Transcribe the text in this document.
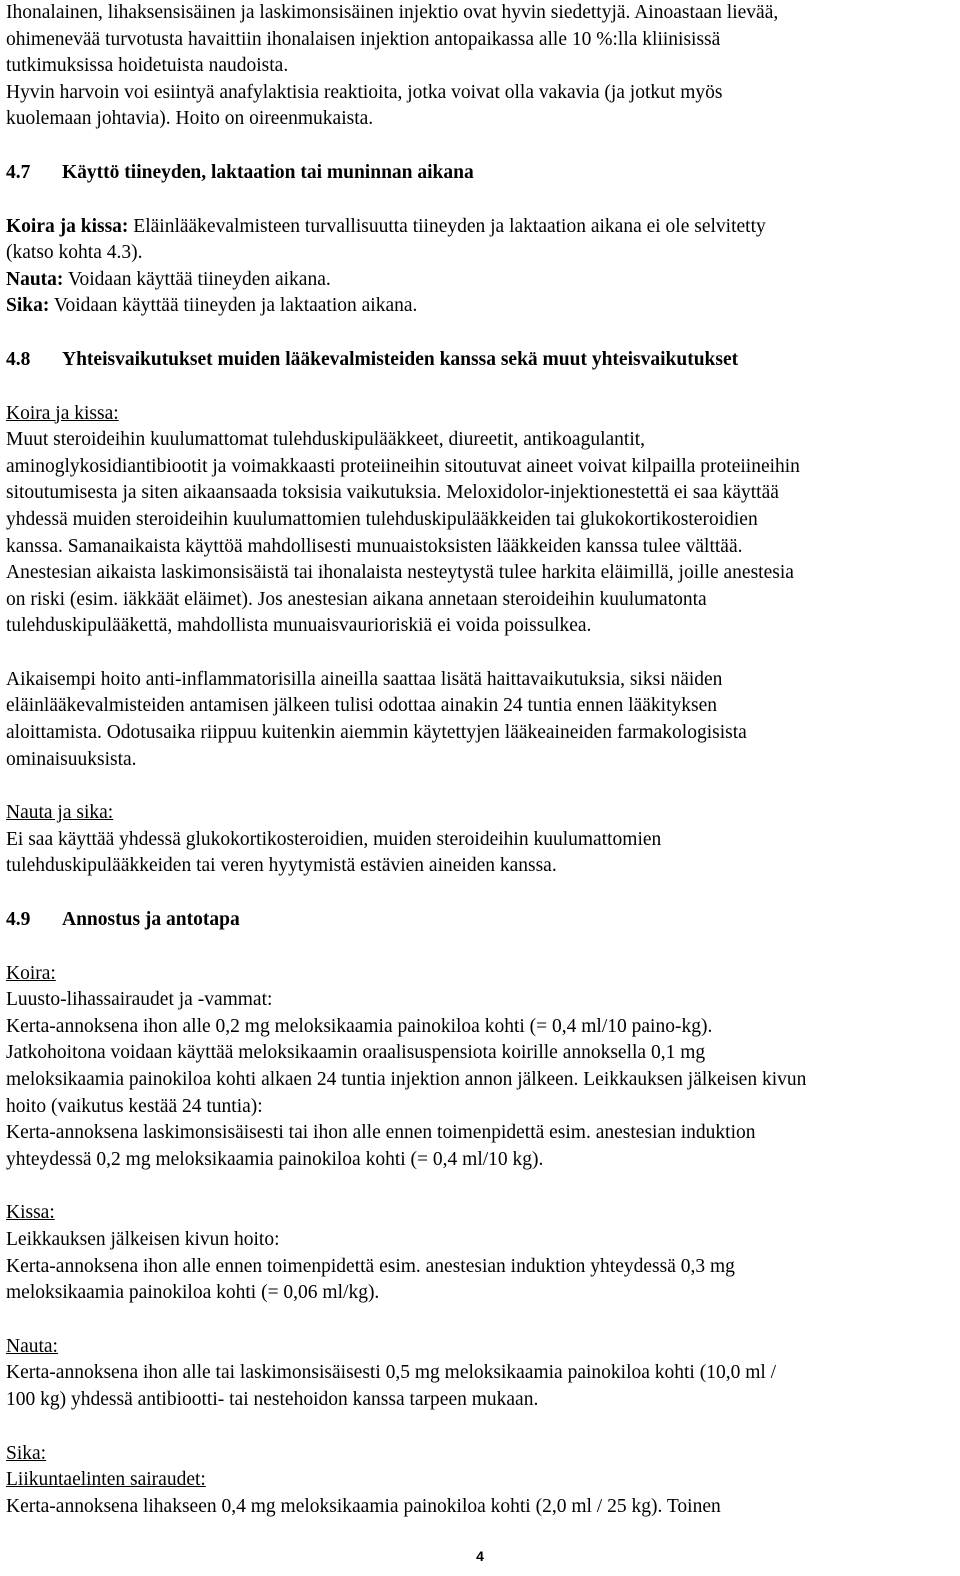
Ihonalainen, lihaksensisäinen ja laskimonsisäinen injektio ovat hyvin siedettyjä. Ainoastaan lievää,
ohimenevää turvotusta havaittiin ihonalaisen injektion antopaikassa alle 10 %:lla kliinisissä
tutkimuksissa hoidetuista naudoista.
Hyvin harvoin voi esiintyä anafylaktisia reaktioita, jotka voivat olla vakavia (ja jotkut myös
kuolemaan johtavia). Hoito on oireenmukaista.
4.7 Käyttö tiineyden, laktaation tai muninnan aikana
Koira ja kissa: Eläinlääkevalmisteen turvallisuutta tiineyden ja laktaation aikana ei ole selvitetty
(katso kohta 4.3).
Nauta: Voidaan käyttää tiineyden aikana.
Sika: Voidaan käyttää tiineyden ja laktaation aikana.
4.8 Yhteisvaikutukset muiden lääkevalmisteiden kanssa sekä muut yhteisvaikutukset
Koira ja kissa:
Muut steroideihin kuulumattomat tulehduskipulääkkeet, diureetit, antikoagulantit,
aminoglykosidiantibiootit ja voimakkaasti proteiineihin sitoutuvat aineet voivat kilpailla proteiineihin
sitoutumisesta ja siten aikaansaada toksisia vaikutuksia. Meloxidolor-injektionestettä ei saa käyttää
yhdessä muiden steroideihin kuulumattomien tulehduskipulääkkeiden tai glukokortikosteroidien
kanssa. Samanaikaista käyttöä mahdollisesti munuaistoksisten lääkkeiden kanssa tulee välttää.
Anestesian aikaista laskimonsisäistä tai ihonalaista nesteytystä tulee harkita eläimillä, joille anestesia
on riski (esim. iäkkäät eläimet). Jos anestesian aikana annetaan steroideihin kuulumatonta
tulehduskipulääkettä, mahdollista munuaisvaurioriskiä ei voida poissulkea.
Aikaisempi hoito anti-inflammatorisilla aineilla saattaa lisätä haittavaikutuksia, siksi näiden
eläinlääkevalmisteiden antamisen jälkeen tulisi odottaa ainakin 24 tuntia ennen lääkityksen
aloittamista. Odotusaika riippuu kuitenkin aiemmin käytettyjen lääkeaineiden farmakologisista
ominaisuuksista.
Nauta ja sika:
Ei saa käyttää yhdessä glukokortikosteroidien, muiden steroideihin kuulumattomien
tulehduskipulääkkeiden tai veren hyytymistä estävien aineiden kanssa.
4.9 Annostus ja antotapa
Koira:
Luusto-lihassairaudet ja -vammat:
Kerta-annoksena ihon alle 0,2 mg meloksikaamia painokiloa kohti (= 0,4 ml/10 paino-kg).
Jatkohoitona voidaan käyttää meloksikaamin oraalisuspensiota koirille annoksella 0,1 mg
meloksikaamia painokiloa kohti alkaen 24 tuntia injektion annon jälkeen. Leikkauksen jälkeisen kivun
hoito (vaikutus kestää 24 tuntia):
Kerta-annoksena laskimonsisäisesti tai ihon alle ennen toimenpidettä esim. anestesian induktion
yhteydessä 0,2 mg meloksikaamia painokiloa kohti (= 0,4 ml/10 kg).
Kissa:
Leikkauksen jälkeisen kivun hoito:
Kerta-annoksena ihon alle ennen toimenpidettä esim. anestesian induktion yhteydessä 0,3 mg
meloksikaamia painokiloa kohti (= 0,06 ml/kg).
Nauta:
Kerta-annoksena ihon alle tai laskimonsisäisesti 0,5 mg meloksikaamia painokiloa kohti (10,0 ml /
100 kg) yhdessä antibiootti- tai nestehoidon kanssa tarpeen mukaan.
Sika:
Liikuntaelinten sairaudet:
Kerta-annoksena lihakseen 0,4 mg meloksikaamia painokiloa kohti (2,0 ml / 25 kg). Toinen
4
